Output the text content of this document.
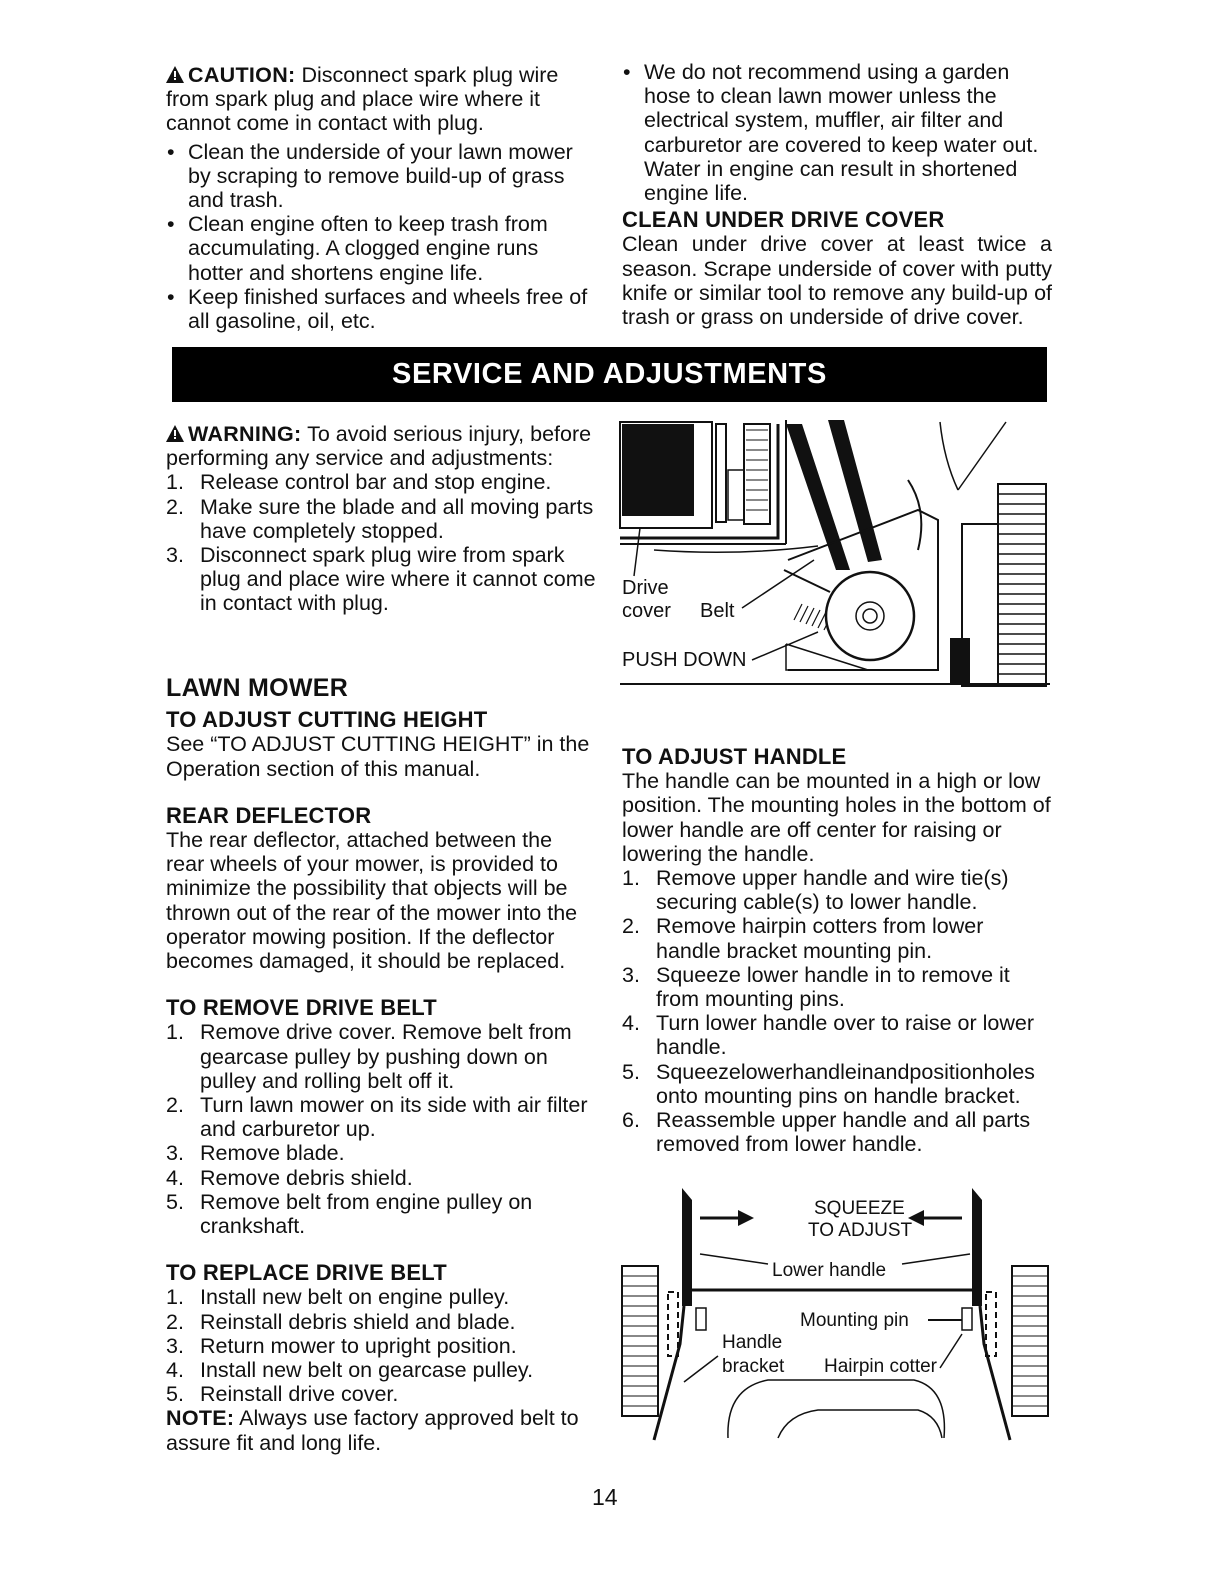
CAUTION: Disconnect spark plug wire from spark plug and place wire where it cannot come in contact with plug.

• Clean the underside of your lawn mower by scraping to remove build-up of grass and trash.

• Clean engine often to keep trash from accumulating. A clogged engine runs hotter and shortens engine life.

• Keep finished surfaces and wheels free of all gasoline, oil, etc.

• We do not recommend using a garden hose to clean lawn mower unless the electrical system, muffler, air filter and carburetor are covered to keep water out. Water in engine can result in shortened engine life.

CLEAN UNDER DRIVE COVER

Clean under drive cover at least twice a season. Scrape underside of cover with putty knife or similar tool to remove any build-up of trash or grass on underside of drive cover.

SERVICE AND ADJUSTMENTS

WARNING: To avoid serious injury, before performing any service and adjustments:

1. Release control bar and stop engine.
2. Make sure the blade and all moving parts have completely stopped.
3. Disconnect spark plug wire from spark plug and place wire where it cannot come in contact with plug.

LAWN MOWER

TO ADJUST CUTTING HEIGHT

See “TO ADJUST CUTTING HEIGHT” in the Operation section of this manual.

REAR DEFLECTOR

The rear deflector, attached between the rear wheels of your mower, is provided to minimize the possibility that objects will be thrown out of the rear of the mower into the operator mowing position. If the deflector becomes damaged, it should be replaced.

TO REMOVE DRIVE BELT

1. Remove drive cover. Remove belt from gearcase pulley by pushing down on pulley and rolling belt off it.
2. Turn lawn mower on its side with air filter and carburetor up.
3. Remove blade.
4. Remove debris shield.
5. Remove belt from engine pulley on crankshaft.

TO REPLACE DRIVE BELT

1. Install new belt on engine pulley.
2. Reinstall debris shield and blade.
3. Return mower to upright position.
4. Install new belt on gearcase pulley.
5. Reinstall drive cover.

NOTE: Always use factory approved belt to assure fit and long life.

Drive
cover Belt
PUSH DOWN

TO ADJUST HANDLE

The handle can be mounted in a high or low position. The mounting holes in the bottom of lower handle are off center for raising or lowering the handle.

1. Remove upper handle and wire tie(s) securing cable(s) to lower handle.
2. Remove hairpin cotters from lower handle bracket mounting pin.
3. Squeeze lower handle in to remove it from mounting pins.
4. Turn lower handle over to raise or lower handle.
5. Squeezelowerhandleinandpositionholes onto mounting pins on handle bracket.
6. Reassemble upper handle and all parts removed from lower handle.
SQUEEZE
TO ADJUST
Lower handle
Mounting pin
Handle
bracket Hairpin cotter
14
